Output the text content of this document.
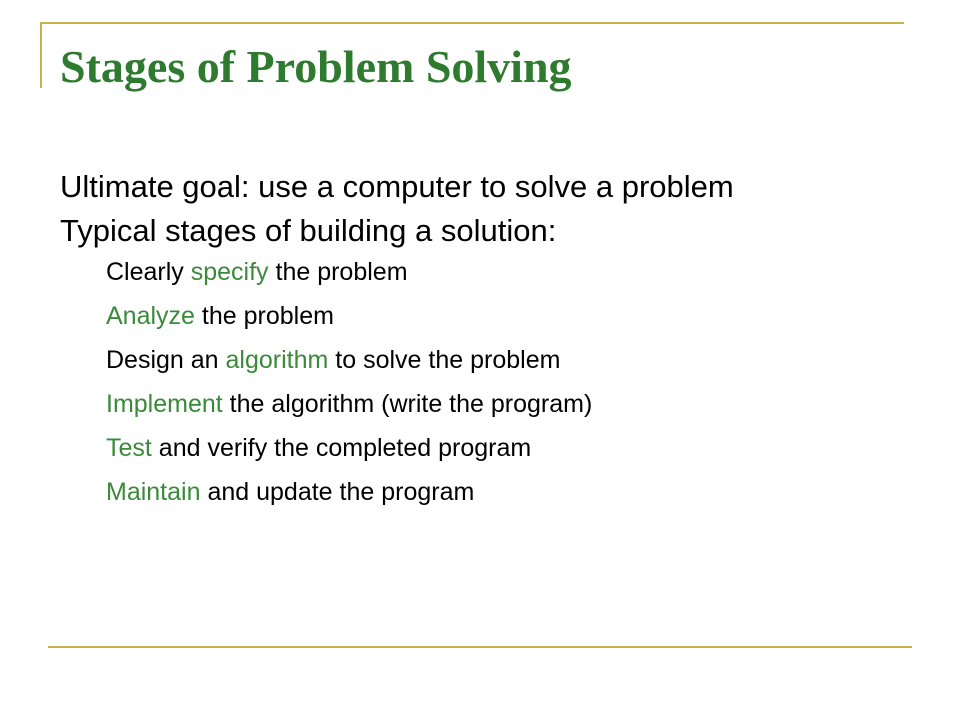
Stages of Problem Solving
Ultimate goal: use a computer to solve a problem
Typical stages of building a solution:
Clearly specify the problem
Analyze the problem
Design an algorithm to solve the problem
Implement the algorithm (write the program)
Test and verify the completed program
Maintain and update the program
